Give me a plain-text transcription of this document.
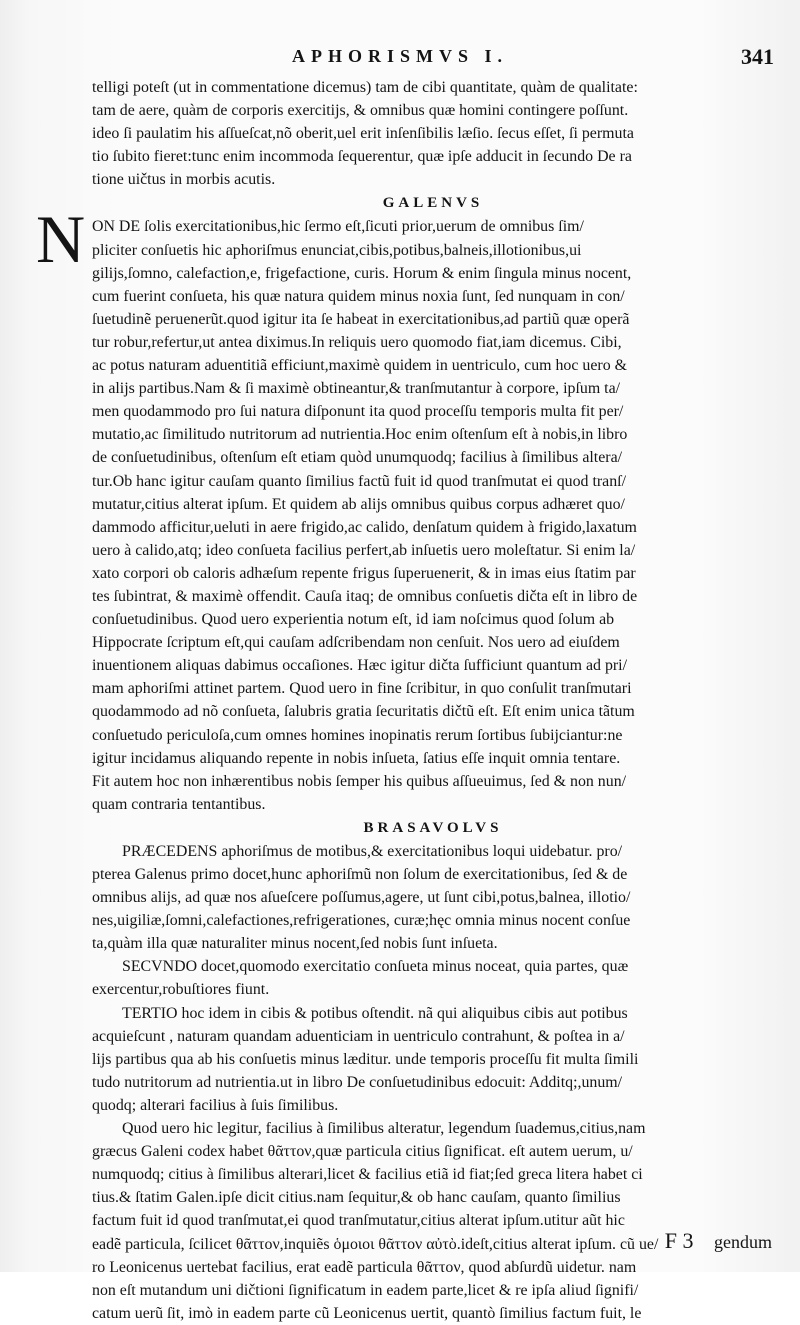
APHORISMVS I.	341
telligi poteſt (ut in commentatione dicemus) tam de cibi quantitate, quàm de qualitate:
tam de aere, quàm de corporis exercitijs, & omnibus quæ homini contingere poſſunt.
ideo ſi paulatim his aſſueſcat,nõ oberit,uel erit inſenſibilis læſio. ſecus eſſet, ſi permuta
tio ſubito fieret:tunc enim incommoda ſequerentur, quæ ipſe adducit in ſecundo De ra
tione uičtus in morbis acutis.
GALENVS
N ON DE ſolis exercitationibus,hic ſermo eſt,ſicuti prior,uerum de omnibus ſim/
pliciter conſuetis hic aphoriſmus enunciat,cibis,potibus,balneis,illotionibus,ui
gilijs,ſomno, calefaction,e, frigefactione, curis. Horum & enim ſingula minus nocent,
cum fuerint conſueta, his quæ natura quidem minus noxia ſunt, ſed nunquam in con/
ſuetudinẽ peruenerũt.quod igitur ita ſe habeat in exercitationibus,ad partiũ quæ operã
tur robur,refertur,ut antea diximus.In reliquis uero quomodo fiat,iam dicemus. Cibi,
ac potus naturam aduentitiã efficiunt,maximè quidem in uentriculo, cum hoc uero &
in alijs partibus.Nam & ſi maximè obtineantur,& tranſmutantur à corpore, ipſum ta/
men quodammodo pro ſui natura diſponunt ita quod proceſſu temporis multa fit per/
mutatio,ac ſimilitudo nutritorum ad nutrientia.Hoc enim oſtenſum eſt à nobis,in libro
de conſuetudinibus, oſtenſum eſt etiam quòd unumquodq; facilius à ſimilibus altera/
tur.Ob hanc igitur cauſam quanto ſimilius factũ fuit id quod tranſmutat ei quod tranſ/
mutatur,citius alterat ipſum. Et quidem ab alijs omnibus quibus corpus adhæret quo/
dammodo afficitur,ueluti in aere frigido,ac calido, denſatum quidem à frigido,laxatum
uero à calido,atq; ideo conſueta facilius perfert,ab inſuetis uero moleſtatur. Si enim la/
xato corpori ob caloris adhæſum repente frigus ſuperuenerit, & in imas eius ſtatim par
tes ſubintrat, & maximè offendit. Cauſa itaq; de omnibus conſuetis dičta eſt in libro de
conſuetudinibus. Quod uero experientia notum eſt, id iam noſcimus quod ſolum ab
Hippocrate ſcriptum eſt,qui cauſam adſcribendam non cenſuit. Nos uero ad eiuſdem
inuentionem aliquas dabimus occaſiones. Hæc igitur dičta ſufficiunt quantum ad pri/
mam aphoriſmi attinet partem. Quod uero in fine ſcribitur, in quo conſulit tranſmutari
quodammodo ad nõ conſueta, ſalubris gratia ſecuritatis dičtũ eſt. Eſt enim unica tãtum
conſuetudo periculoſa,cum omnes homines inopinatis rerum ſortibus ſubijciantur:ne
igitur incidamus aliquando repente in nobis inſueta, ſatius eſſe inquit omnia tentare.
Fit autem hoc non inhærentibus nobis ſemper his quibus aſſueuimus, ſed & non nun/
quam contraria tentantibus.
BRASAVOLVS
PRÆCEDENS aphoriſmus de motibus,& exercitationibus loqui uidebatur. pro/
ptereа Galenus primo docet,hunc aphoriſmũ non ſolum de exercitationibus, ſed & de
omnibus alijs, ad quæ nos aſueſcere poſſumus,agere, ut ſunt cibi,potus,balnea, illotio/
nes,uigiliæ,ſomni,calefactiones,refrigerationes, curæ;hęc omnia minus nocent conſue
ta,quàm illa quæ naturaliter minus nocent,ſed nobis ſunt inſueta.
SECVNDO docet,quomodo exercitatio conſueta minus noceat, quia partes, quæ
exercentur,robuſtiores fiunt.
TERTIO hoc idem in cibis & potibus oſtendit. nã qui aliquibus cibis aut potibus
acquieſcunt , naturam quandam aduenticiam in uentriculo contrahunt, & poſtea in a/
lijs partibus qua ab his conſuetis minus læditur. unde temporis proceſſu fit multa ſimili
tudo nutritorum ad nutrientia.ut in libro De conſuetudinibus edocuit: Additq;,unum/
quodq; alterari facilius à ſuis ſimilibus.
Quod uero hic legitur, facilius à ſimilibus alteratur, legendum ſuademus,citius,nam
græcus Galeni codex habet θᾶττον,quæ particula citius ſignificat. eſt autem uerum, u/
numquodq; citius à ſimilibus alterari,licet & facilius etiã id fiat;ſed greca litera habet ci
tius.& ſtatim Galen.ipſe dicit citius.nam ſequitur,& ob hanc cauſam, quanto ſimilius
factum fuit id quod tranſmutat,ei quod tranſmutatur,citius alterat ipſum.utitur aũt hic
eadẽ particula, ſcilicet θᾶττον,inquiẽs ὁμοιοι θᾶττον αὐτὸ.ideſt,citius alterat ipſum. cũ ue/
ro Leonicenus uertebat facilius, erat eadẽ particula θᾶττον, quod abſurdũ uidetur. nam
non eſt mutandum uni dičtioni ſignificatum in eadem parte,licet & re ipſa aliud ſignifi/
catum uerũ ſit, imò in eadem parte cũ Leonicenus uertit, quantò ſimilius factum fuit, le
F 3 gendum
